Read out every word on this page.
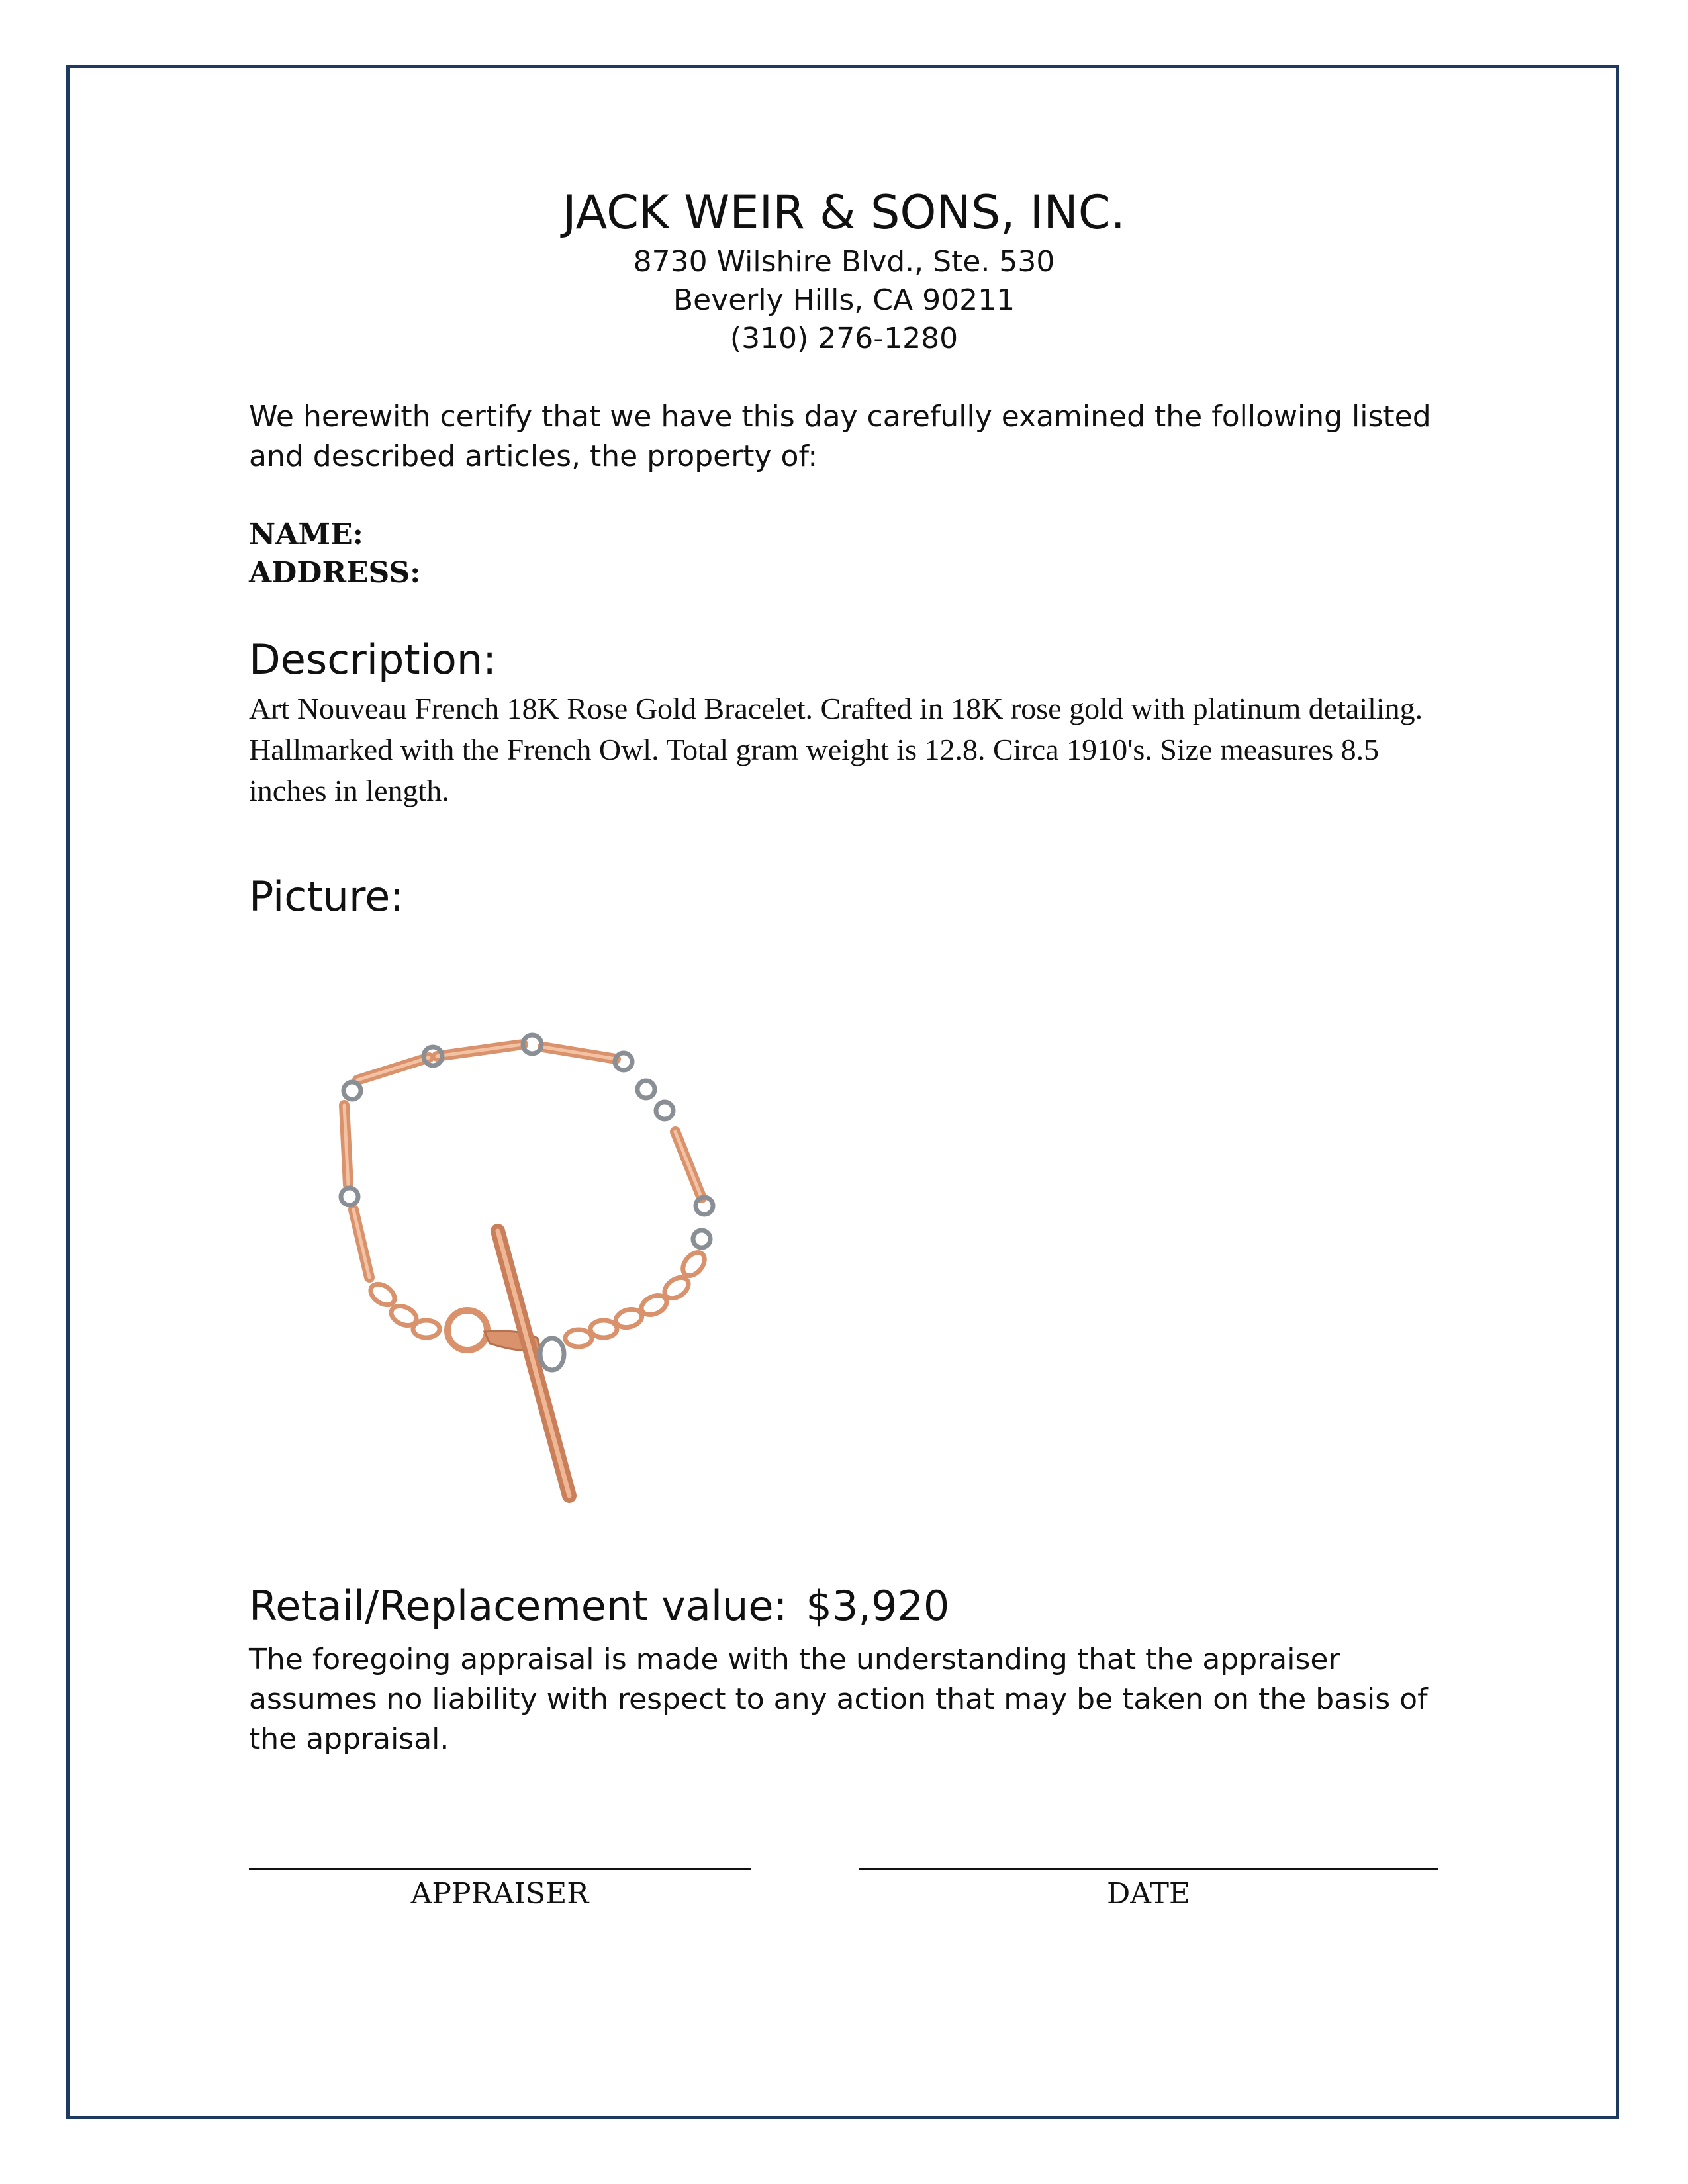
JACK WEIR & SONS, INC.
8730 Wilshire Blvd., Ste. 530
Beverly Hills, CA 90211
(310) 276-1280
We herewith certify that we have this day carefully examined the following listed and described articles, the property of:
NAME:
ADDRESS:
Description:
Art Nouveau French 18K Rose Gold Bracelet. Crafted in 18K rose gold with platinum detailing. Hallmarked with the French Owl. Total gram weight is 12.8. Circa 1910's. Size measures 8.5 inches in length.
Picture:
Retail/Replacement value: $3,920
The foregoing appraisal is made with the understanding that the appraiser assumes no liability with respect to any action that may be taken on the basis of the appraisal.
APPRAISER	DATE
